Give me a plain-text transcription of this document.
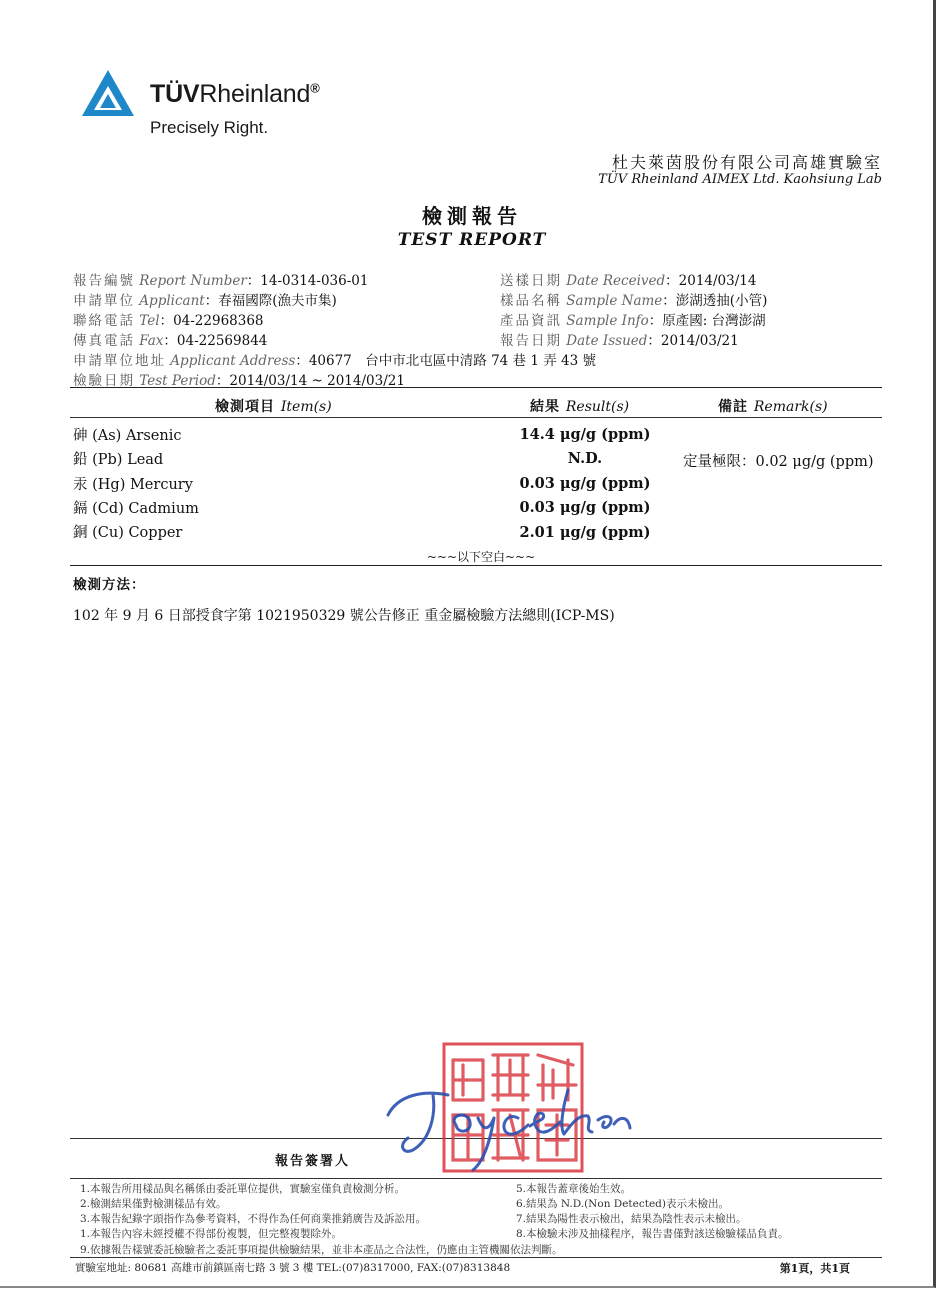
TÜVRheinland®
Precisely Right.
杜夫萊茵股份有限公司高雄實驗室
TÜV Rheinland AIMEX Ltd. Kaohsiung Lab
檢測報告
TEST REPORT
報告編號 Report Number：14-0314-036-01
申請單位 Applicant：春福國際(漁夫市集)
聯絡電話 Tel：04-22968368
傳真電話 Fax：04-22569844
申請單位地址 Applicant Address：40677　台中市北屯區中清路 74 巷 1 弄 43 號
檢驗日期 Test Period：2014/03/14 ~ 2014/03/21
送樣日期 Date Received：2014/03/14
樣品名稱 Sample Name：澎湖透抽(小管)
產品資訊 Sample Info：原產國: 台灣澎湖
報告日期 Date Issued：2014/03/21
檢測項目 Item(s)	結果 Result(s)	備註 Remark(s)
砷 (As) Arsenic	14.4 μg/g (ppm)
鉛 (Pb) Lead	N.D.	定量極限：0.02 μg/g (ppm)
汞 (Hg) Mercury	0.03 μg/g (ppm)
鎘 (Cd) Cadmium	0.03 μg/g (ppm)
銅 (Cu) Copper	2.01 μg/g (ppm)
~~~以下空白~~~
檢測方法：
102 年 9 月 6 日部授食字第 1021950329 號公告修正 重金屬檢驗方法總則(ICP-MS)
報告簽署人
1.本報告所用樣品與名稱係由委託單位提供，實驗室僅負責檢測分析。
2.檢測結果僅對檢測樣品有效。
3.本報告紀錄字頭指作為參考資料，不得作為任何商業推銷廣告及訴訟用。
1.本報告內容未經授權不得部份複製，但完整複製除外。
9.依據報告樣號委託檢驗者之委託事項提供檢驗結果，並非本產品之合法性，仍應由主管機關依法判斷。
5.本報告蓋章後始生效。
6.結果為 N.D.(Non Detected)表示未檢出。
7.結果為陽性表示檢出，結果為陰性表示未檢出。
8.本檢驗未涉及抽樣程序，報告書僅對該送檢驗樣品負責。
實驗室地址: 80681 高雄市前鎮區南七路 3 號 3 樓 TEL:(07)8317000, FAX:(07)8313848	第1頁，共1頁
